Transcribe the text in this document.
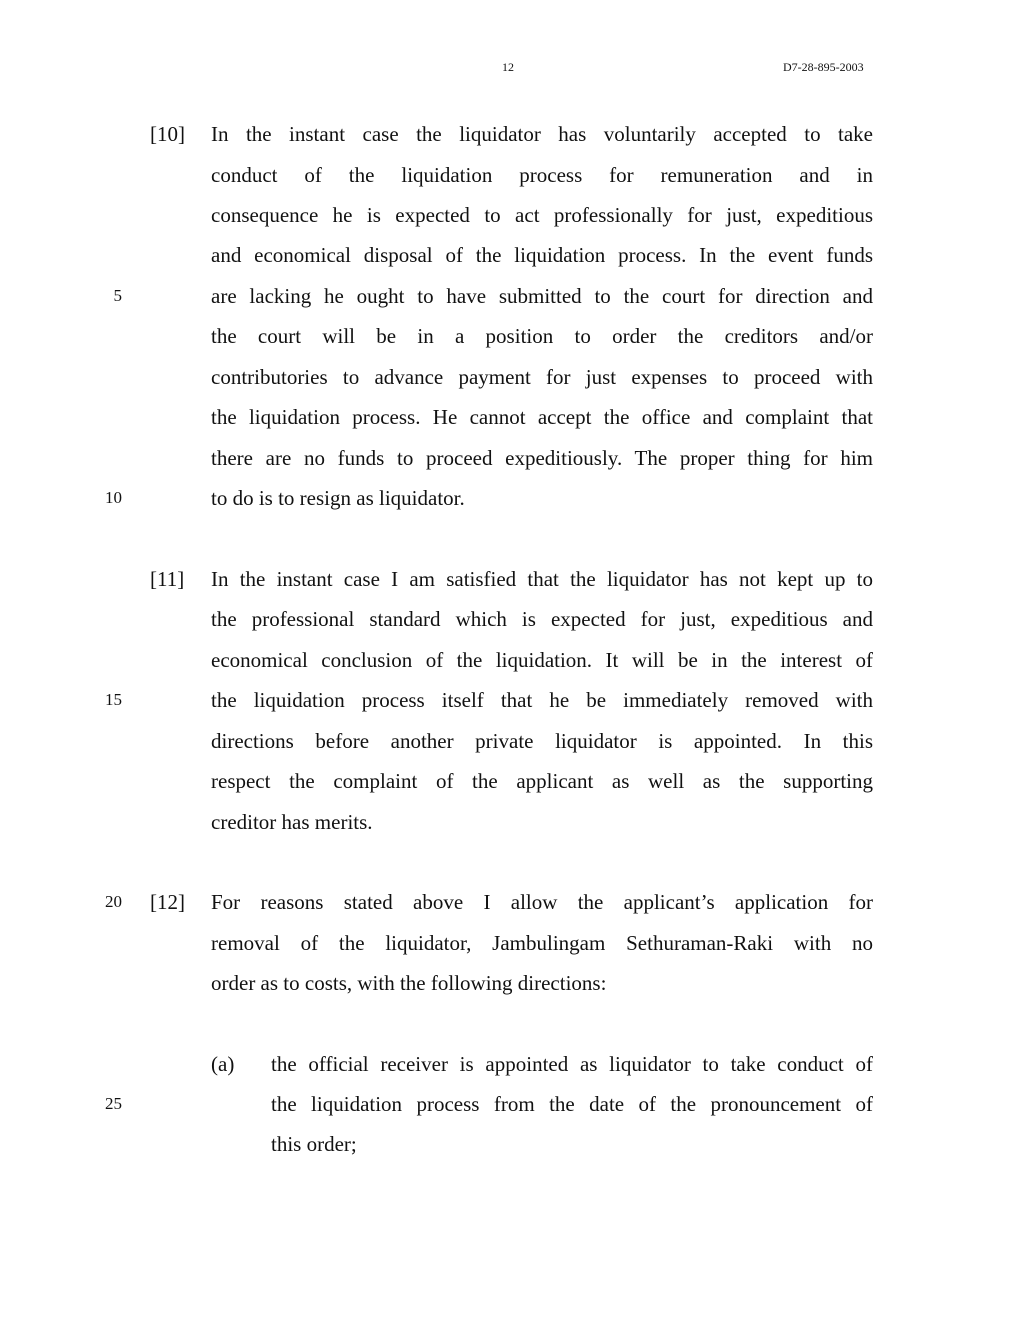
12	D7-28-895-2003
5
10
15
20
25
[10] In the instant case the liquidator has voluntarily accepted to take
conduct of the liquidation process for remuneration and in
consequence he is expected to act professionally for just, expeditious
and economical disposal of the liquidation process. In the event funds
are lacking he ought to have submitted to the court for direction and
the court will be in a position to order the creditors and/or
contributories to advance payment for just expenses to proceed with
the liquidation process. He cannot accept the office and complaint that
there are no funds to proceed expeditiously. The proper thing for him
to do is to resign as liquidator.
[11] In the instant case I am satisfied that the liquidator has not kept up to
the professional standard which is expected for just, expeditious and
economical conclusion of the liquidation. It will be in the interest of
the liquidation process itself that he be immediately removed with
directions before another private liquidator is appointed. In this
respect the complaint of the applicant as well as the supporting
creditor has merits.
[12] For reasons stated above I allow the applicant’s application for
removal of the liquidator, Jambulingam Sethuraman-Raki with no
order as to costs, with the following directions:
(a) the official receiver is appointed as liquidator to take conduct of
the liquidation process from the date of the pronouncement of
this order;
